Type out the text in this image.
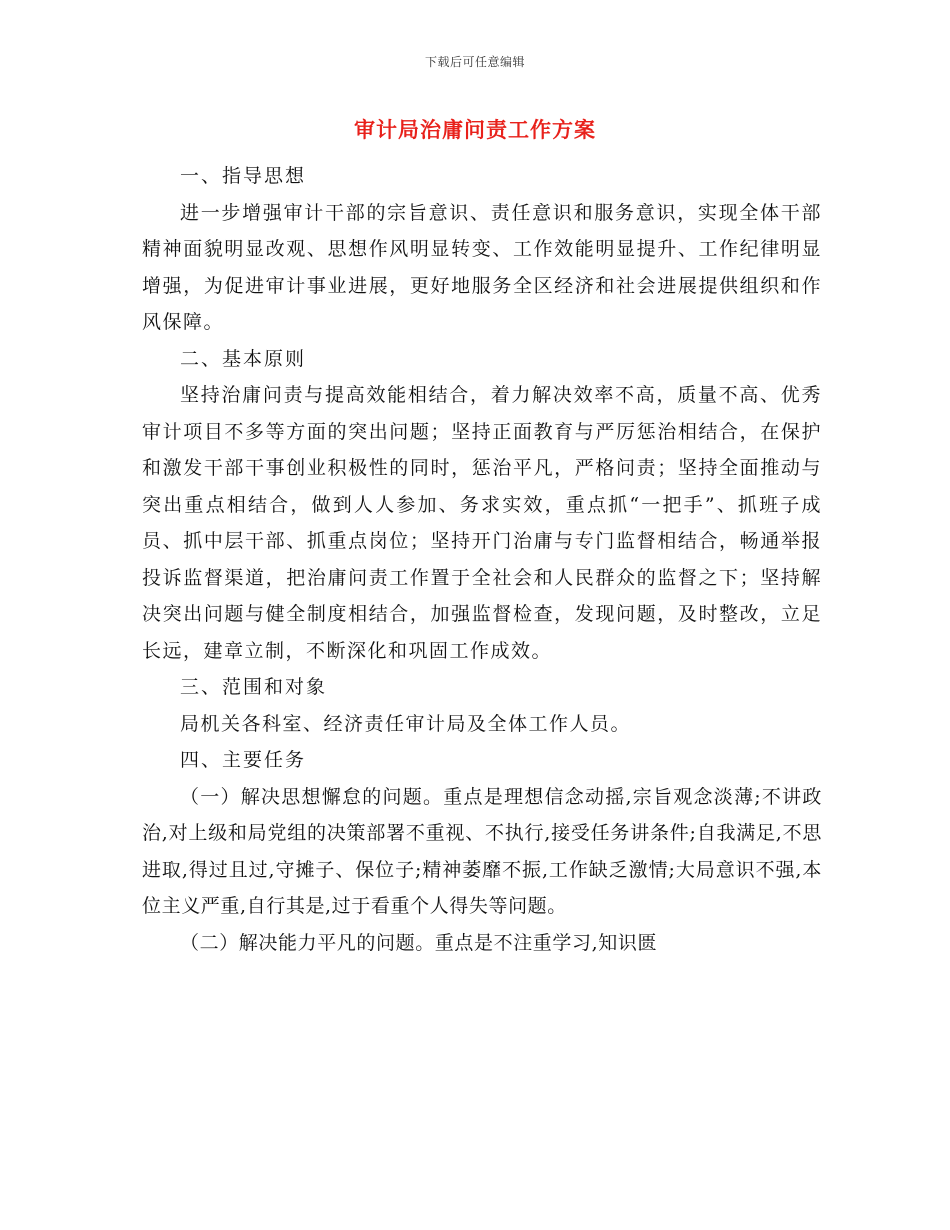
下载后可任意编辑
审计局治庸问责工作方案

一、指导思想

进一步增强审计干部的宗旨意识、责任意识和服务意识，实现全体干部精神面貌明显改观、思想作风明显转变、工作效能明显提升、工作纪律明显增强，为促进审计事业进展，更好地服务全区经济和社会进展提供组织和作风保障。

二、基本原则

坚持治庸问责与提高效能相结合，着力解决效率不高，质量不高、优秀审计项目不多等方面的突出问题；坚持正面教育与严厉惩治相结合，在保护和激发干部干事创业积极性的同时，惩治平凡，严格问责；坚持全面推动与突出重点相结合，做到人人参加、务求实效，重点抓“一把手”、抓班子成员、抓中层干部、抓重点岗位；坚持开门治庸与专门监督相结合，畅通举报投诉监督渠道，把治庸问责工作置于全社会和人民群众的监督之下；坚持解决突出问题与健全制度相结合，加强监督检查，发现问题，及时整改，立足长远，建章立制，不断深化和巩固工作成效。

三、范围和对象

局机关各科室、经济责任审计局及全体工作人员。

四、主要任务

（一）解决思想懈怠的问题。重点是理想信念动摇,宗旨观念淡薄;不讲政治,对上级和局党组的决策部署不重视、不执行,接受任务讲条件;自我满足,不思进取,得过且过,守摊子、保位子;精神萎靡不振,工作缺乏激情;大局意识不强,本位主义严重,自行其是,过于看重个人得失等问题。

（二）解决能力平凡的问题。重点是不注重学习,知识匮
